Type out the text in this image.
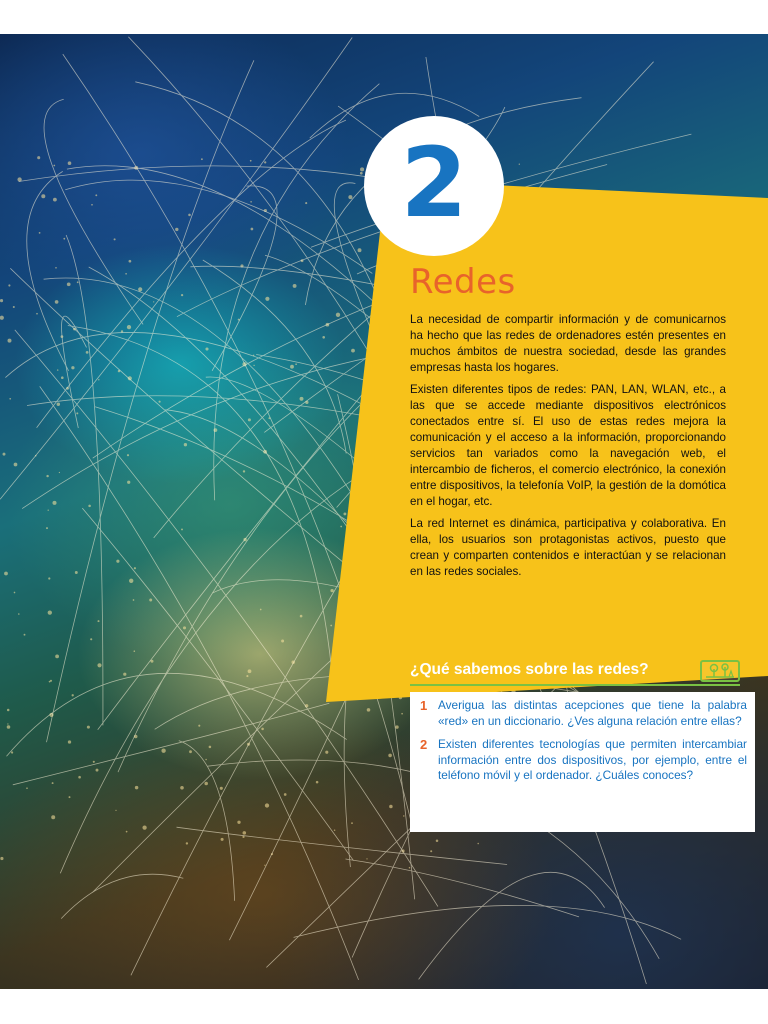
2
Redes

La necesidad de compartir información y de comunicarnos ha hecho que las redes de ordenadores estén presentes en muchos ámbitos de nuestra sociedad, desde las grandes empresas hasta los hogares.

Existen diferentes tipos de redes: PAN, LAN, WLAN, etc., a las que se accede mediante dispositivos electrónicos conectados entre sí. El uso de estas redes mejora la comunicación y el acceso a la información, proporcionando servicios tan variados como la navegación web, el intercambio de ficheros, el comercio electrónico, la conexión entre dispositivos, la telefonía VoIP, la gestión de la domótica en el hogar, etc.

La red Internet es dinámica, participativa y colaborativa. En ella, los usuarios son protagonistas activos, puesto que crean y comparten contenidos e interactúan y se relacionan en las redes sociales.

¿Qué sabemos sobre las redes?
1 Averigua las distintas acepciones que tiene la palabra «red» en un diccionario. ¿Ves alguna relación entre ellas?
2 Existen diferentes tecnologías que permiten intercambiar información entre dos dispositivos, por ejemplo, entre el teléfono móvil y el ordenador. ¿Cuáles conoces?
